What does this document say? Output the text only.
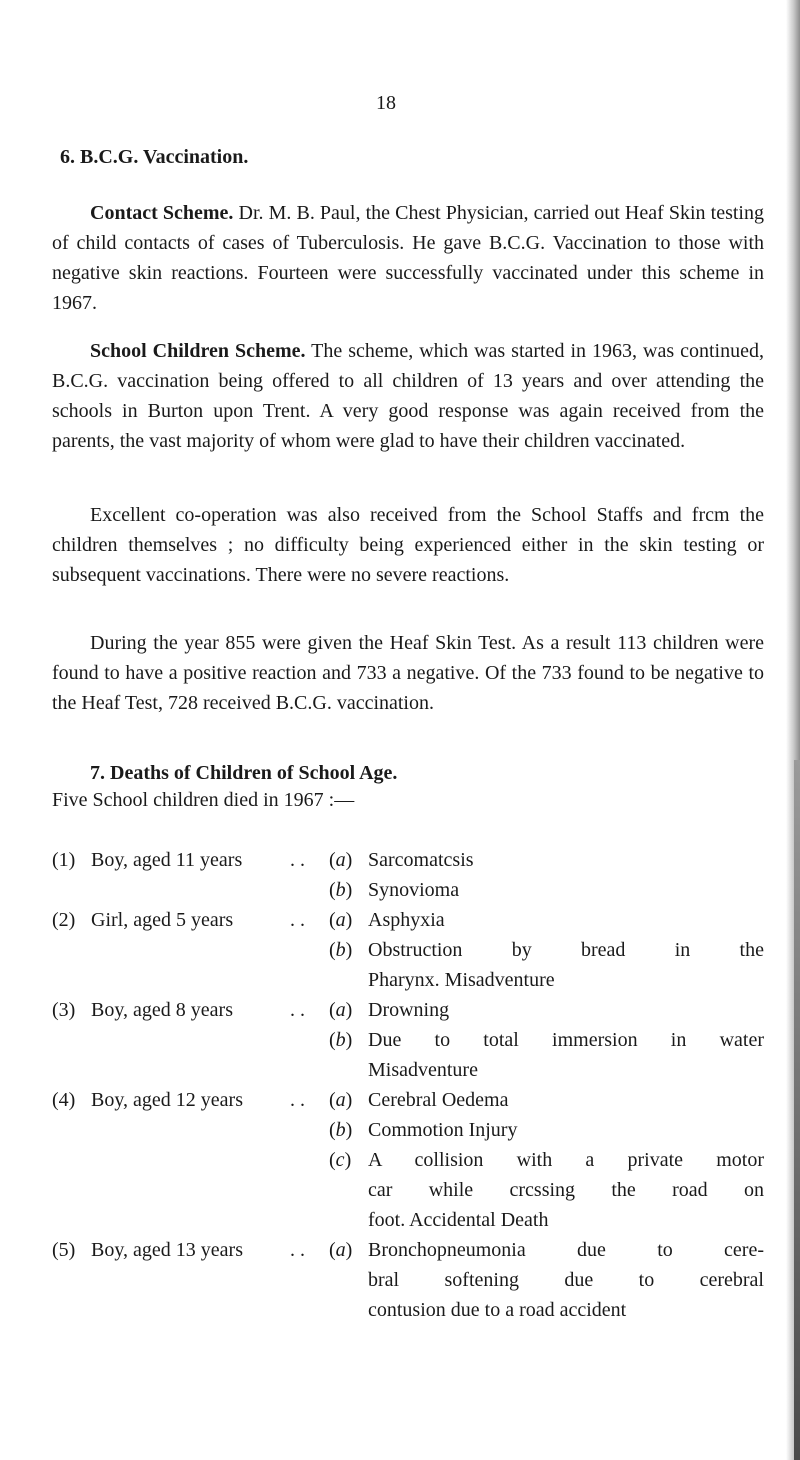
18
6. B.C.G. Vaccination.
Contact Scheme. Dr. M. B. Paul, the Chest Physician, carried out Heaf Skin testing of child contacts of cases of Tuberculosis. He gave B.C.G. Vaccination to those with negative skin reactions. Fourteen were successfully vaccinated under this scheme in 1967.
School Children Scheme. The scheme, which was started in 1963, was continued, B.C.G. vaccination being offered to all children of 13 years and over attending the schools in Burton upon Trent. A very good response was again received from the parents, the vast majority of whom were glad to have their children vaccinated.
Excellent co-operation was also received from the School Staffs and frcm the children themselves ; no difficulty being experienced either in the skin testing or subsequent vaccinations. There were no severe reactions.
During the year 855 were given the Heaf Skin Test. As a result 113 children were found to have a positive reaction and 733 a negative. Of the 733 found to be negative to the Heaf Test, 728 received B.C.G. vaccination.
7. Deaths of Children of School Age.
Five School children died in 1967 :—
(1) Boy, aged 11 years . . (a) Sarcomatcsis
(b) Synovioma
(2) Girl, aged 5 years	. . (a) Asphyxia
(b) Obstruction by bread in the
Pharynx. Misadventure
(3) Boy, aged 8 years	. . (a) Drowning
(b) Due to total immersion in water
Misadventure
(4) Boy, aged 12 years . . (a) Cerebral Oedema
(b) Commotion Injury
(c) A collision with a private motor
car while crcssing the road on
foot. Accidental Death
(5) Boy, aged 13 years . . (a) Bronchopneumonia due to cere-
bral softening due to cerebral
contusion due to a road accident
